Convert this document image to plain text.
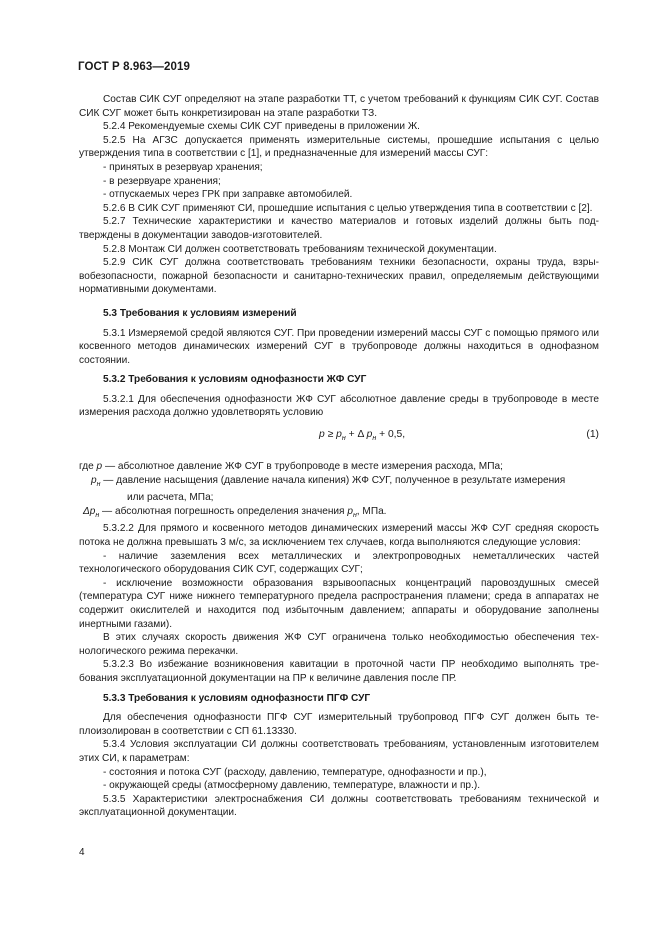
ГОСТ Р 8.963—2019

Состав СИК СУГ определяют на этапе разработки ТТ, с учетом требований к функциям СИК СУГ. Состав СИК СУГ может быть конкретизирован на этапе разработки ТЗ.

5.2.4 Рекомендуемые схемы СИК СУГ приведены в приложении Ж.

5.2.5 На АГЗС допускается применять измерительные системы, прошедшие испытания с целью утверждения типа в соответствии с [1], и предназначенные для измерений массы СУГ:

- принятых в резервуар хранения;

- в резервуаре хранения;

- отпускаемых через ГРК при заправке автомобилей.

5.2.6 В СИК СУГ применяют СИ, прошедшие испытания с целью утверждения типа в соответствии с [2].

5.2.7 Технические характеристики и качество материалов и готовых изделий должны быть подтверждены в документации заводов-изготовителей.

5.2.8 Монтаж СИ должен соответствовать требованиям технической документации.

5.2.9 СИК СУГ должна соответствовать требованиям техники безопасности, охраны труда, взрывобезопасности, пожарной безопасности и санитарно-технических правил, определяемым действующими нормативными документами.

5.3 Требования к условиям измерений

5.3.1 Измеряемой средой являются СУГ. При проведении измерений массы СУГ с помощью прямого или косвенного методов динамических измерений СУГ в трубопроводе должны находиться в однофазном состоянии.

5.3.2 Требования к условиям однофазности ЖФ СУГ

5.3.2.1 Для обеспечения однофазности ЖФ СУГ абсолютное давление среды в трубопроводе в месте измерения расхода должно удовлетворять условию

$p \ge p_н + \Delta$ $p_н + 0,5$,	(1)

где p — абсолютное давление ЖФ СУГ в трубопроводе в месте измерения расхода, МПа;

$p_н$ — давление насыщения (давление начала кипения) ЖФ СУГ, полученное в результате измерения

или расчета, МПа;

$\Delta p_н$ — абсолютная погрешность определения значения $p_н$, МПа.

5.3.2.2 Для прямого и косвенного методов динамических измерений массы ЖФ СУГ средняя скорость потока не должна превышать 3 м/с, за исключением тех случаев, когда выполняются следующие условия:

- наличие заземления всех металлических и электропроводных неметаллических частей технологического оборудования СИК СУГ, содержащих СУГ;

- исключение возможности образования взрывоопасных концентраций паровоздушных смесей (температура СУГ ниже нижнего температурного предела распространения пламени; среда в аппаратах не содержит окислителей и находится под избыточным давлением; аппараты и оборудование заполнены инертными газами).

В этих случаях скорость движения ЖФ СУГ ограничена только необходимостью обеспечения технологического режима перекачки.

5.3.2.3 Во избежание возникновения кавитации в проточной части ПР необходимо выполнять требования эксплуатационной документации на ПР к величине давления после ПР.

5.3.3 Требования к условиям однофазности ПГФ СУГ

Для обеспечения однофазности ПГФ СУГ измерительный трубопровод ПГФ СУГ должен быть теплоизолирован в соответствии с СП 61.13330.

5.3.4 Условия эксплуатации СИ должны соответствовать требованиям, установленным изготовителем этих СИ, к параметрам:

- состояния и потока СУГ (расходу, давлению, температуре, однофазности и пр.),

- окружающей среды (атмосферному давлению, температуре, влажности и пр.).

5.3.5 Характеристики электроснабжения СИ должны соответствовать требованиям технической и эксплуатационной документации.

4
